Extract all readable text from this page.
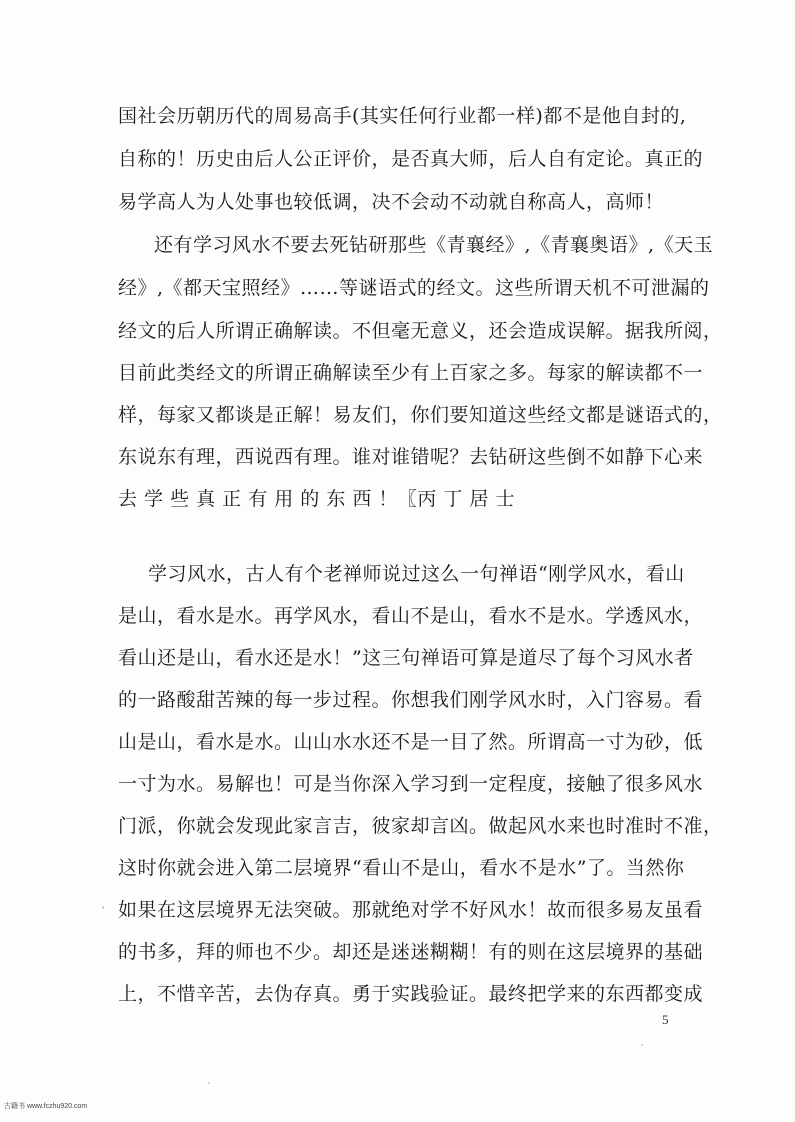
国社会历朝历代的周易高手(其实任何行业都一样)都不是他自封的,
自称的！历史由后人公正评价，是否真大师，后人自有定论。真正的
易学高人为人处事也较低调，决不会动不动就自称高人，高师！
还有学习风水不要去死钻研那些《青襄经》,《青襄奥语》,《天玉
经》,《都天宝照经》……等谜语式的经文。这些所谓天机不可泄漏的
经文的后人所谓正确解读。不但毫无意义，还会造成误解。据我所阅，
目前此类经文的所谓正确解读至少有上百家之多。每家的解读都不一
样，每家又都谈是正解！易友们，你们要知道这些经文都是谜语式的，
东说东有理，西说西有理。谁对谁错呢？去钻研这些倒不如静下心来
去 学 些 真 正 有 用 的 东 西 ！〖丙 丁 居 士
学习风水，古人有个老禅师说过这么一句禅语“刚学风水，看山
是山，看水是水。再学风水，看山不是山，看水不是水。学透风水，
看山还是山，看水还是水！”这三句禅语可算是道尽了每个习风水者
的一路酸甜苦辣的每一步过程。你想我们刚学风水时，入门容易。看
山是山，看水是水。山山水水还不是一目了然。所谓高一寸为砂，低
一寸为水。易解也！可是当你深入学习到一定程度，接触了很多风水
门派，你就会发现此家言吉，彼家却言凶。做起风水来也时准时不准，
这时你就会进入第二层境界“看山不是山，看水不是水”了。当然你
如果在这层境界无法突破。那就绝对学不好风水！故而很多易友虽看
的书多，拜的师也不少。却还是迷迷糊糊！有的则在这层境界的基础
上，不惜辛苦，去伪存真。勇于实践验证。最终把学来的东西都变成
5
古籍书 www.fczhu920.com
